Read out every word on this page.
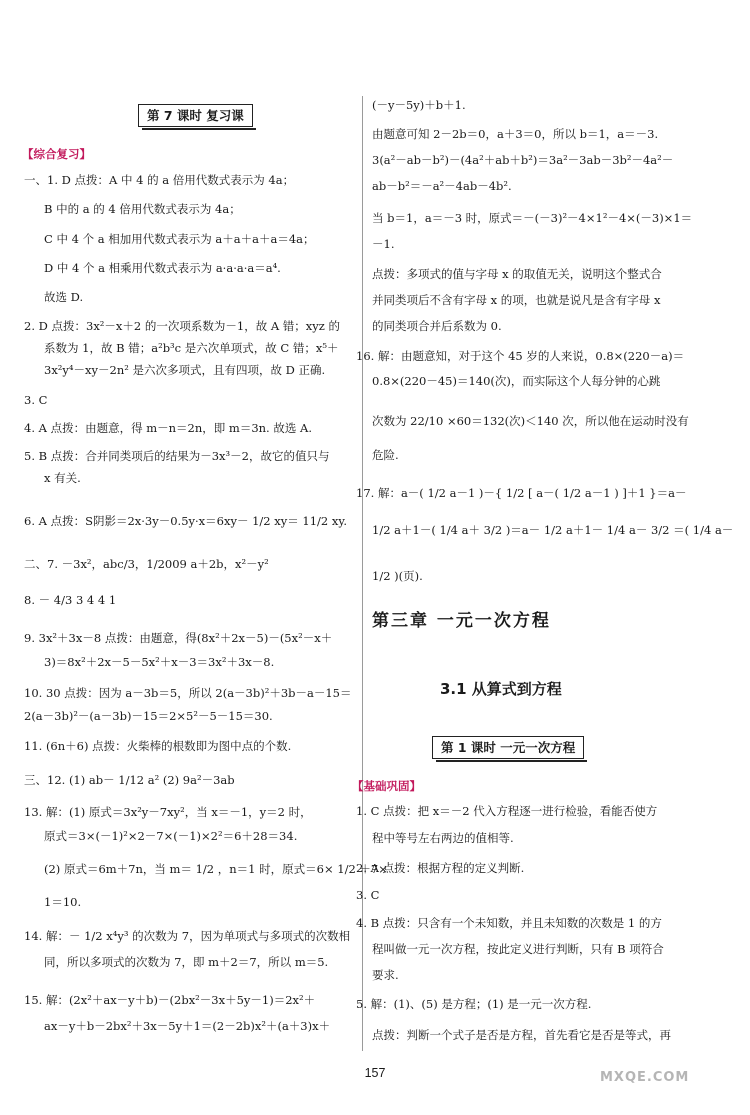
第 7 课时 复习课
【综合复习】
一、1. D 点拨：A 中 4 的 a 倍用代数式表示为 4a；
B 中的 a 的 4 倍用代数式表示为 4a；
C 中 4 个 a 相加用代数式表示为 a＋a＋a＋a＝4a；
D 中 4 个 a 相乘用代数式表示为 a·a·a·a＝a⁴.
故选 D.
2. D 点拨：3x²－x＋2 的一次项系数为－1，故 A 错；xyz 的
系数为 1，故 B 错；a²b³c 是六次单项式，故 C 错；x⁵＋
3x²y⁴－xy－2n² 是六次多项式，且有四项，故 D 正确.
3. C
4. A 点拨：由题意，得 m－n＝2n，即 m＝3n. 故选 A.
5. B 点拨：合并同类项后的结果为－3x³－2，故它的值只与
x 有关.
6. A 点拨：S阴影＝2x·3y－0.5y·x＝6xy－ 1/2 xy＝ 11/2 xy.
二、7. －3x²，abc/3，1/2009 a＋2b，x²－y²
8. － 4/3 3 4 4 1
9. 3x²＋3x－8 点拨：由题意，得(8x²＋2x－5)－(5x²－x＋
3)＝8x²＋2x－5－5x²＋x－3＝3x²＋3x－8.
10. 30 点拨：因为 a－3b＝5，所以 2(a－3b)²＋3b－a－15＝
2(a－3b)²－(a－3b)－15＝2×5²－5－15＝30.
11. (6n＋6) 点拨：火柴棒的根数即为图中点的个数.
三、12. (1) ab－ 1/12 a² (2) 9a²－3ab
13. 解：(1) 原式＝3x²y－7xy²，当 x＝－1，y＝2 时，
原式＝3×(－1)²×2－7×(－1)×2²＝6＋28＝34.
(2) 原式＝6m＋7n，当 m＝ 1/2 ，n＝1 时，原式＝6× 1/2 ＋7×
1＝10.
14. 解：－ 1/2 x⁴y³ 的次数为 7，因为单项式与多项式的次数相
同，所以多项式的次数为 7，即 m＋2＝7，所以 m＝5.
15. 解：(2x²＋ax－y＋b)－(2bx²－3x＋5y－1)＝2x²＋
ax－y＋b－2bx²＋3x－5y＋1＝(2－2b)x²＋(a＋3)x＋
(－y－5y)＋b＋1.
由题意可知 2－2b＝0，a＋3＝0，所以 b＝1，a＝－3.
3(a²－ab－b²)－(4a²＋ab＋b²)＝3a²－3ab－3b²－4a²－
ab－b²＝－a²－4ab－4b².
当 b＝1，a＝－3 时，原式＝－(－3)²－4×1²－4×(－3)×1＝
－1.
点拨：多项式的值与字母 x 的取值无关，说明这个整式合
并同类项后不含有字母 x 的项，也就是说凡是含有字母 x
的同类项合并后系数为 0.
16. 解：由题意知，对于这个 45 岁的人来说，0.8×(220－a)＝
0.8×(220－45)＝140(次)，而实际这个人每分钟的心跳
次数为 22/10 ×60＝132(次)＜140 次，所以他在运动时没有
危险.
17. 解：a－( 1/2 a－1 )－{ 1/2 [ a－( 1/2 a－1 ) ]＋1 }＝a－
1/2 a＋1－( 1/4 a＋ 3/2 )＝a－ 1/2 a＋1－ 1/4 a－ 3/2 ＝( 1/4 a－
1/2 )(页).
第三章 一元一次方程
3.1 从算式到方程
第 1 课时 一元一次方程
【基础巩固】
1. C 点拨：把 x＝－2 代入方程逐一进行检验，看能否使方
程中等号左右两边的值相等.
2. A 点拨：根据方程的定义判断.
3. C
4. B 点拨：只含有一个未知数，并且未知数的次数是 1 的方
程叫做一元一次方程，按此定义进行判断，只有 B 项符合
要求.
5. 解：(1)、(5) 是方程；(1) 是一元一次方程.
点拨：判断一个式子是否是方程，首先看它是否是等式，再
157	MXQE.COM
